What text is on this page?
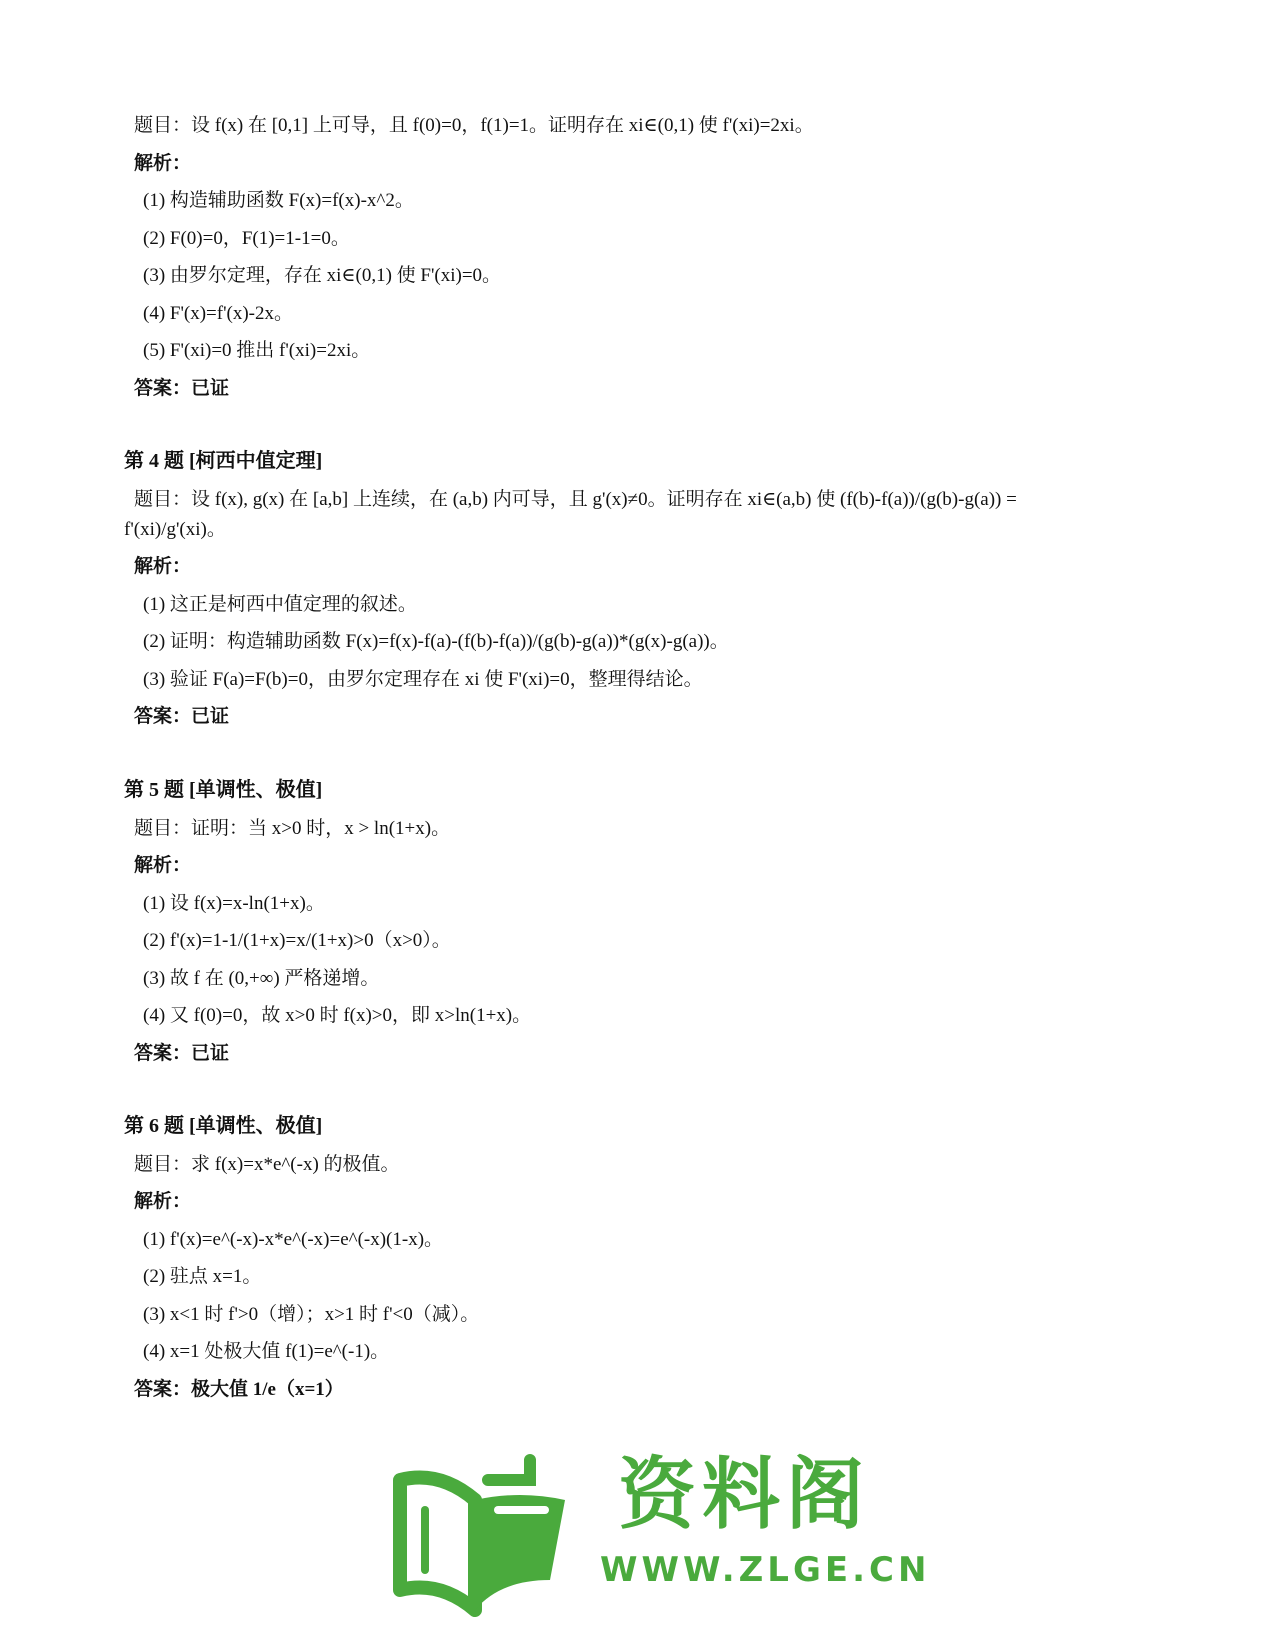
题目：设 f(x) 在 [0,1] 上可导，且 f(0)=0，f(1)=1。证明存在 xi∈(0,1) 使 f'(xi)=2xi。
解析：
(1) 构造辅助函数 F(x)=f(x)-x^2。
(2) F(0)=0，F(1)=1-1=0。
(3) 由罗尔定理，存在 xi∈(0,1) 使 F'(xi)=0。
(4) F'(x)=f'(x)-2x。
(5) F'(xi)=0 推出 f'(xi)=2xi。
答案：已证
第 4 题 [柯西中值定理]
题目：设 f(x), g(x) 在 [a,b] 上连续，在 (a,b) 内可导，且 g'(x)≠0。证明存在 xi∈(a,b) 使 (f(b)-f(a))/(g(b)-g(a)) =
f'(xi)/g'(xi)。
解析：
(1) 这正是柯西中值定理的叙述。
(2) 证明：构造辅助函数 F(x)=f(x)-f(a)-(f(b)-f(a))/(g(b)-g(a))*(g(x)-g(a))。
(3) 验证 F(a)=F(b)=0，由罗尔定理存在 xi 使 F'(xi)=0，整理得结论。
答案：已证
第 5 题 [单调性、极值]
题目：证明：当 x>0 时，x > ln(1+x)。
解析：
(1) 设 f(x)=x-ln(1+x)。
(2) f'(x)=1-1/(1+x)=x/(1+x)>0（x>0）。
(3) 故 f 在 (0,+∞) 严格递增。
(4) 又 f(0)=0，故 x>0 时 f(x)>0，即 x>ln(1+x)。
答案：已证
第 6 题 [单调性、极值]
题目：求 f(x)=x*e^(-x) 的极值。
解析：
(1) f'(x)=e^(-x)-x*e^(-x)=e^(-x)(1-x)。
(2) 驻点 x=1。
(3) x<1 时 f'>0（增）；x>1 时 f'<0（减）。
(4) x=1 处极大值 f(1)=e^(-1)。
答案：极大值 1/e（x=1）
资料阁
WWW.ZLGE.CN
